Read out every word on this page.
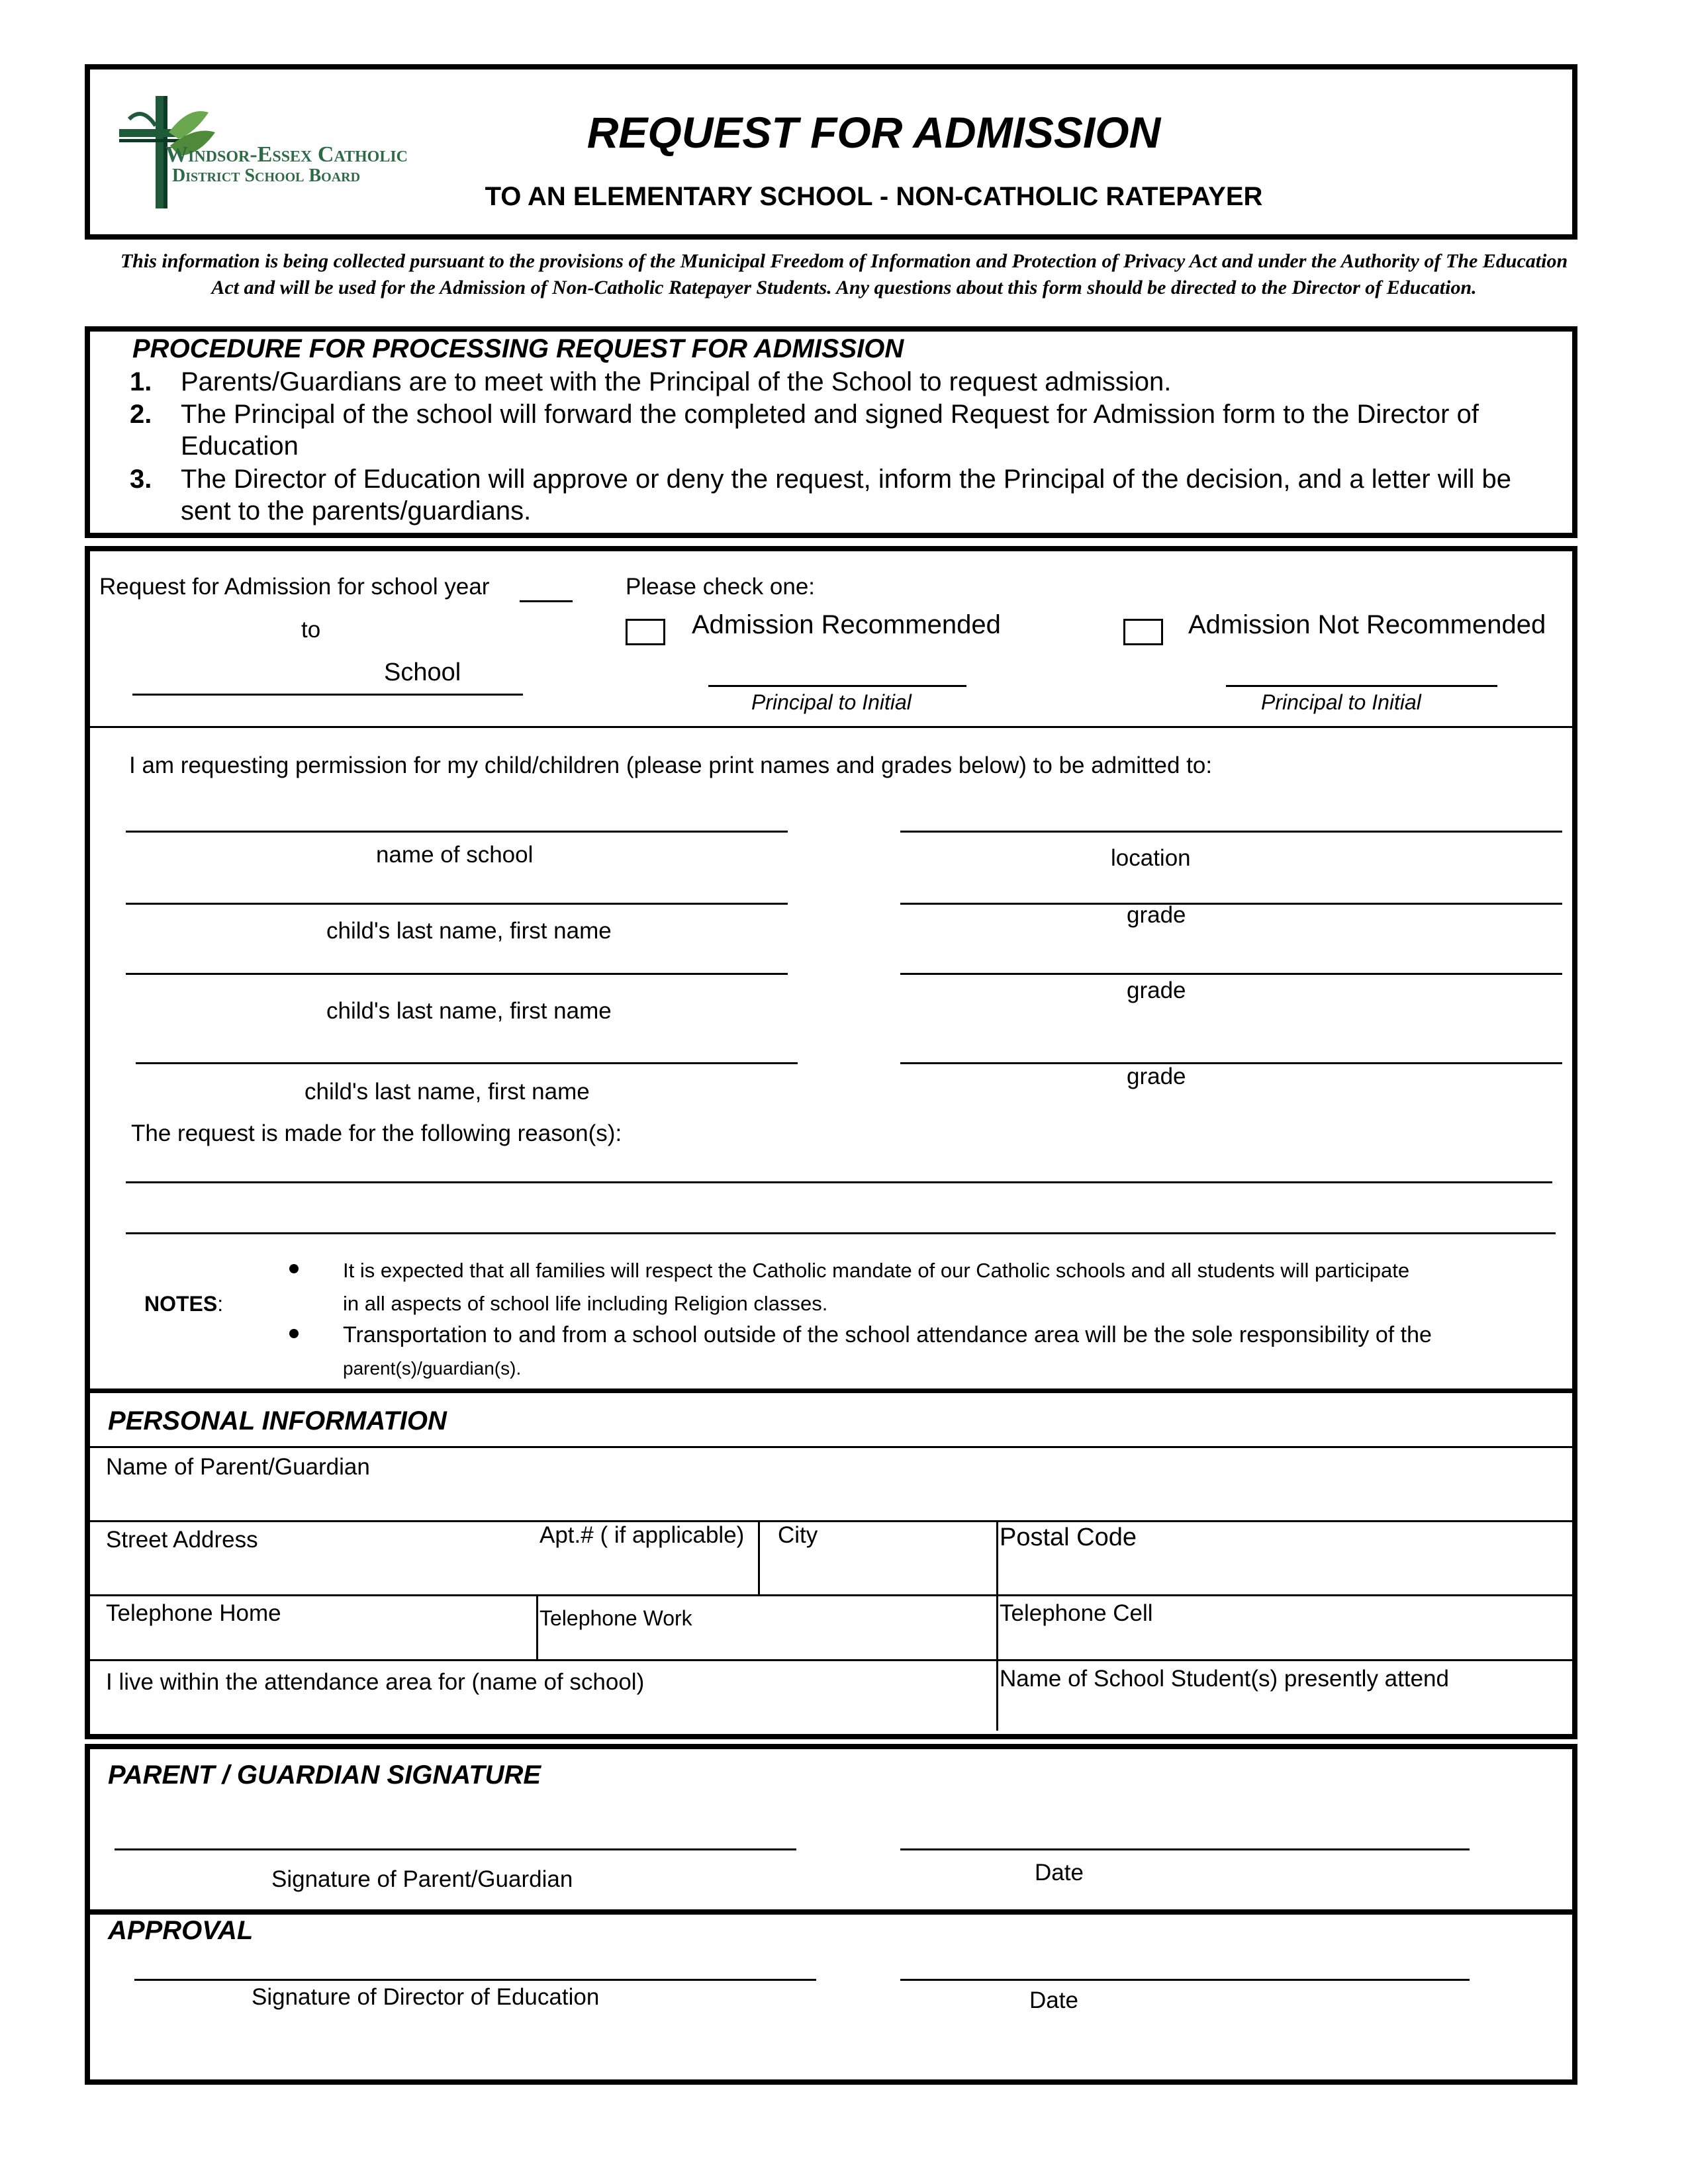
Windsor-Essex Catholic
District School Board
REQUEST FOR ADMISSION
TO AN ELEMENTARY SCHOOL - NON-CATHOLIC RATEPAYER
This information is being collected pursuant to the provisions of the Municipal Freedom of Information and Protection of Privacy Act and under the Authority of The Education
Act and will be used for the Admission of Non-Catholic Ratepayer Students. Any questions about this form should be directed to the Director of Education.
PROCEDURE FOR PROCESSING REQUEST FOR ADMISSION
1. Parents/Guardians are to meet with the Principal of the School to request admission.
2. The Principal of the school will forward the completed and signed Request for Admission form to the Director of
Education
3. The Director of Education will approve or deny the request, inform the Principal of the decision, and a letter will be
sent to the parents/guardians.
Request for Admission for school year
to
School
Please check one:
Admission Recommended
Principal to Initial
Admission Not Recommended
Principal to Initial
I am requesting permission for my child/children (please print names and grades below) to be admitted to:
name of school	location
child's last name, first name
grade
child's last name, first name
grade
child's last name, first name
grade
The request is made for the following reason(s):
NOTES:
It is expected that all families will respect the Catholic mandate of our Catholic schools and all students will participate
in all aspects of school life including Religion classes.
Transportation to and from a school outside of the school attendance area will be the sole responsibility of the
parent(s)/guardian(s).
PERSONAL INFORMATION
Name of Parent/Guardian
Street Address	Apt.# ( if applicable) City	Postal Code
Telephone Home	Telephone Work	Telephone Cell
I live within the attendance area for (name of school)	Name of School Student(s) presently attend
PARENT / GUARDIAN SIGNATURE
Signature of Parent/Guardian	Date
APPROVAL
Signature of Director of Education	Date
